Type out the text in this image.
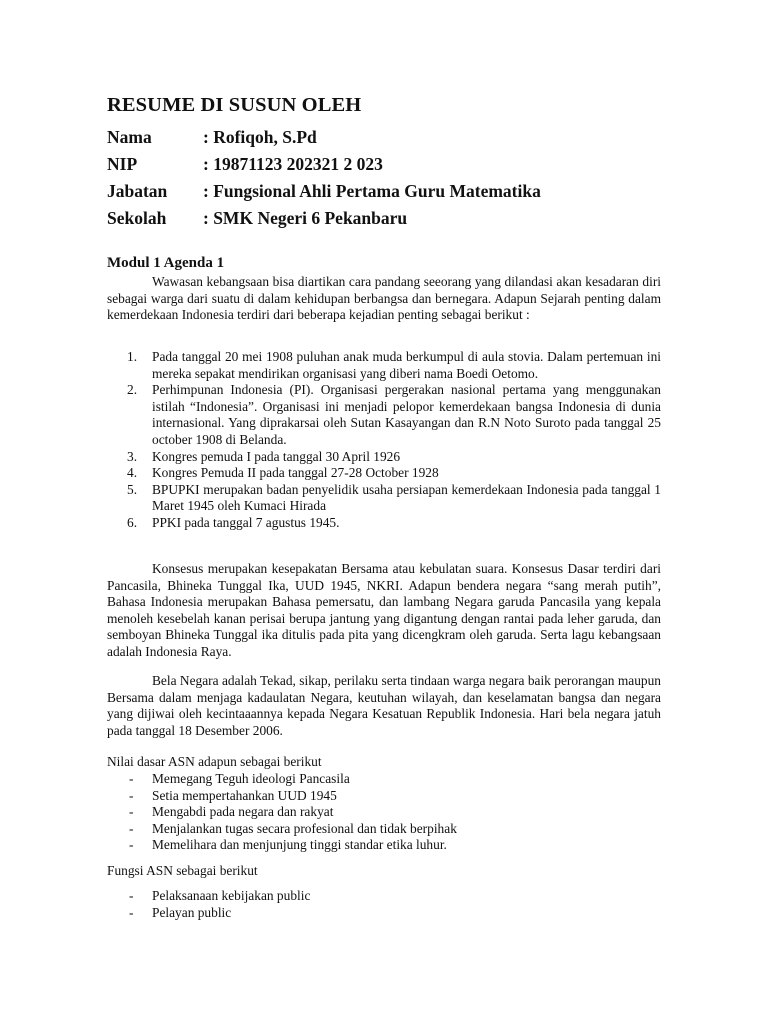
RESUME DI SUSUN OLEH
Nama	: Rofiqoh, S.Pd
NIP	: 19871123 202321 2 023
Jabatan : Fungsional Ahli Pertama Guru Matematika
Sekolah : SMK Negeri 6 Pekanbaru
Modul 1 Agenda 1

Wawasan kebangsaan bisa diartikan cara pandang seeorang yang dilandasi akan kesadaran diri sebagai warga dari suatu di dalam kehidupan berbangsa dan bernegara. Adapun Sejarah penting dalam kemerdekaan Indonesia terdiri dari beberapa kejadian penting sebagai berikut :

1. Pada tanggal 20 mei 1908 puluhan anak muda berkumpul di aula stovia. Dalam pertemuan ini mereka sepakat mendirikan organisasi yang diberi nama Boedi Oetomo.
2. Perhimpunan Indonesia (PI). Organisasi pergerakan nasional pertama yang menggunakan istilah “Indonesia”. Organisasi ini menjadi pelopor kemerdekaan bangsa Indonesia di dunia internasional. Yang diprakarsai oleh Sutan Kasayangan dan R.N Noto Suroto pada tanggal 25 october 1908 di Belanda.
3. Kongres pemuda I pada tanggal 30 April 1926
4. Kongres Pemuda II pada tanggal 27-28 October 1928
5. BPUPKI merupakan badan penyelidik usaha persiapan kemerdekaan Indonesia pada tanggal 1 Maret 1945 oleh Kumaci Hirada
6. PPKI pada tanggal 7 agustus 1945.

Konsesus merupakan kesepakatan Bersama atau kebulatan suara. Konsesus Dasar terdiri dari Pancasila, Bhineka Tunggal Ika, UUD 1945, NKRI. Adapun bendera negara “sang merah putih”, Bahasa Indonesia merupakan Bahasa pemersatu, dan lambang Negara garuda Pancasila yang kepala menoleh kesebelah kanan perisai berupa jantung yang digantung dengan rantai pada leher garuda, dan semboyan Bhineka Tunggal ika ditulis pada pita yang dicengkram oleh garuda. Serta lagu kebangsaan adalah Indonesia Raya.

Bela Negara adalah Tekad, sikap, perilaku serta tindaan warga negara baik perorangan maupun Bersama dalam menjaga kadaulatan Negara, keutuhan wilayah, dan keselamatan bangsa dan negara yang dijiwai oleh kecintaaannya kepada Negara Kesatuan Republik Indonesia. Hari bela negara jatuh pada tanggal 18 Desember 2006.

Nilai dasar ASN adapun sebagai berikut

- Memegang Teguh ideologi Pancasila
- Setia mempertahankan UUD 1945
- Mengabdi pada negara dan rakyat
- Menjalankan tugas secara profesional dan tidak berpihak
- Memelihara dan menjunjung tinggi standar etika luhur.

Fungsi ASN sebagai berikut

- Pelaksanaan kebijakan public
- Pelayan public
